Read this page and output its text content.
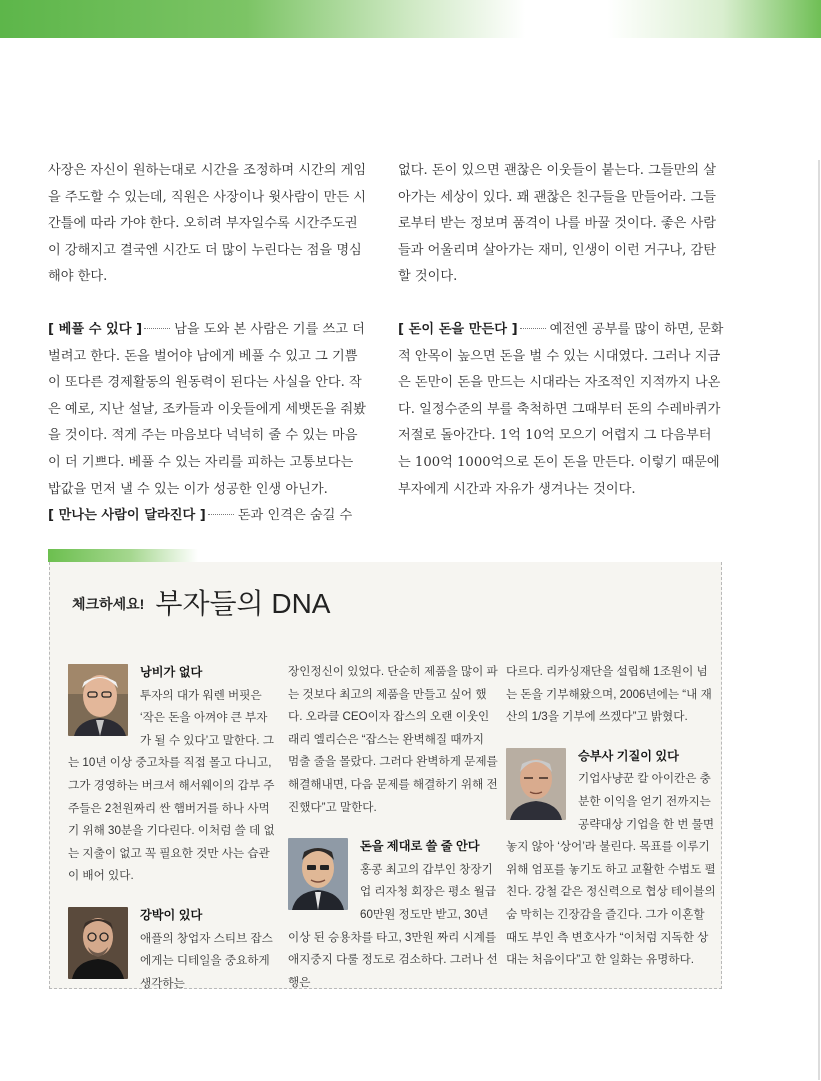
사장은 자신이 원하는대로 시간을 조정하며 시간의 게임을 주도할 수 있는데, 직원은 사장이나 윗사람이 만든 시간틀에 따라 가야 한다. 오히려 부자일수록 시간주도권이 강해지고 결국엔 시간도 더 많이 누린다는 점을 명심해야 한다.

[ 베풀 수 있다 ] 남을 도와 본 사람은 기를 쓰고 더 벌려고 한다. 돈을 벌어야 남에게 베풀 수 있고 그 기쁨이 또다른 경제활동의 원동력이 된다는 사실을 안다. 작은 예로, 지난 설날, 조카들과 이웃들에게 세뱃돈을 줘봤을 것이다. 적게 주는 마음보다 넉넉히 줄 수 있는 마음이 더 기쁘다. 베풀 수 있는 자리를 피하는 고통보다는 밥값을 먼저 낼 수 있는 이가 성공한 인생 아닌가.

[ 만나는 사람이 달라진다 ] 돈과 인격은 숨길 수

없다. 돈이 있으면 괜찮은 이웃들이 붙는다. 그들만의 살아가는 세상이 있다. 꽤 괜찮은 친구들을 만들어라. 그들로부터 받는 정보며 품격이 나를 바꿀 것이다. 좋은 사람들과 어울리며 살아가는 재미, 인생이 이런 거구나, 감탄 할 것이다.

[ 돈이 돈을 만든다 ] 예전엔 공부를 많이 하면, 문화적 안목이 높으면 돈을 벌 수 있는 시대였다. 그러나 지금은 돈만이 돈을 만드는 시대라는 자조적인 지적까지 나온다. 일정수준의 부를 축척하면 그때부터 돈의 수레바퀴가 저절로 돌아간다. 1억 10억 모으기 어렵지 그 다음부터는 100억 1000억으로 돈이 돈을 만든다. 이렇기 때문에 부자에게 시간과 자유가 생겨나는 것이다.

체크하세요! 부자들의 DNA

낭비가 없다
투자의 대가 워렌 버핏은 ‘작은 돈을 아껴야 큰 부자가 될 수 있다’고 말한다. 그는 10년 이상 중고차를 직접 몰고 다니고, 그가 경영하는 버크셔 해서웨이의 갑부 주주들은 2천원짜리 싼 햄버거를 하나 사먹기 위해 30분을 기다린다. 이처럼 쓸 데 없는 지출이 없고 꼭 필요한 것만 사는 습관이 배어 있다.

강박이 있다
애플의 창업자 스티브 잡스에게는 디테일을 중요하게 생각하는

장인정신이 있었다. 단순히 제품을 많이 파는 것보다 최고의 제품을 만들고 싶어 했다. 오라클 CEO이자 잡스의 오랜 이웃인 래리 엘리슨은 “잡스는 완벽해질 때까지 멈출 줄을 몰랐다. 그러다 완벽하게 문제를 해결해내면, 다음 문제를 해결하기 위해 전진했다”고 말한다.

돈을 제대로 쓸 줄 안다
홍콩 최고의 갑부인 창장기업 리자청 회장은 평소 월급 60만원 정도만 받고, 30년 이상 된 승용차를 타고, 3만원 짜리 시계를 애지중지 다룰 정도로 검소하다. 그러나 선행은

다르다. 리카싱재단을 설립해 1조원이 넘는 돈을 기부해왔으며, 2006년에는 “내 재산의 1/3을 기부에 쓰겠다”고 밝혔다.

승부사 기질이 있다
기업사냥꾼 칼 아이칸은 충분한 이익을 얻기 전까지는 공략대상 기업을 한 번 물면 놓지 않아 ‘상어’라 불린다. 목표를 이루기 위해 엄포를 놓기도 하고 교활한 수법도 펼친다. 강철 같은 정신력으로 협상 테이블의 숨 막히는 긴장감을 즐긴다. 그가 이혼할 때도 부인 측 변호사가 “이처럼 지독한 상대는 처음이다”고 한 일화는 유명하다.
